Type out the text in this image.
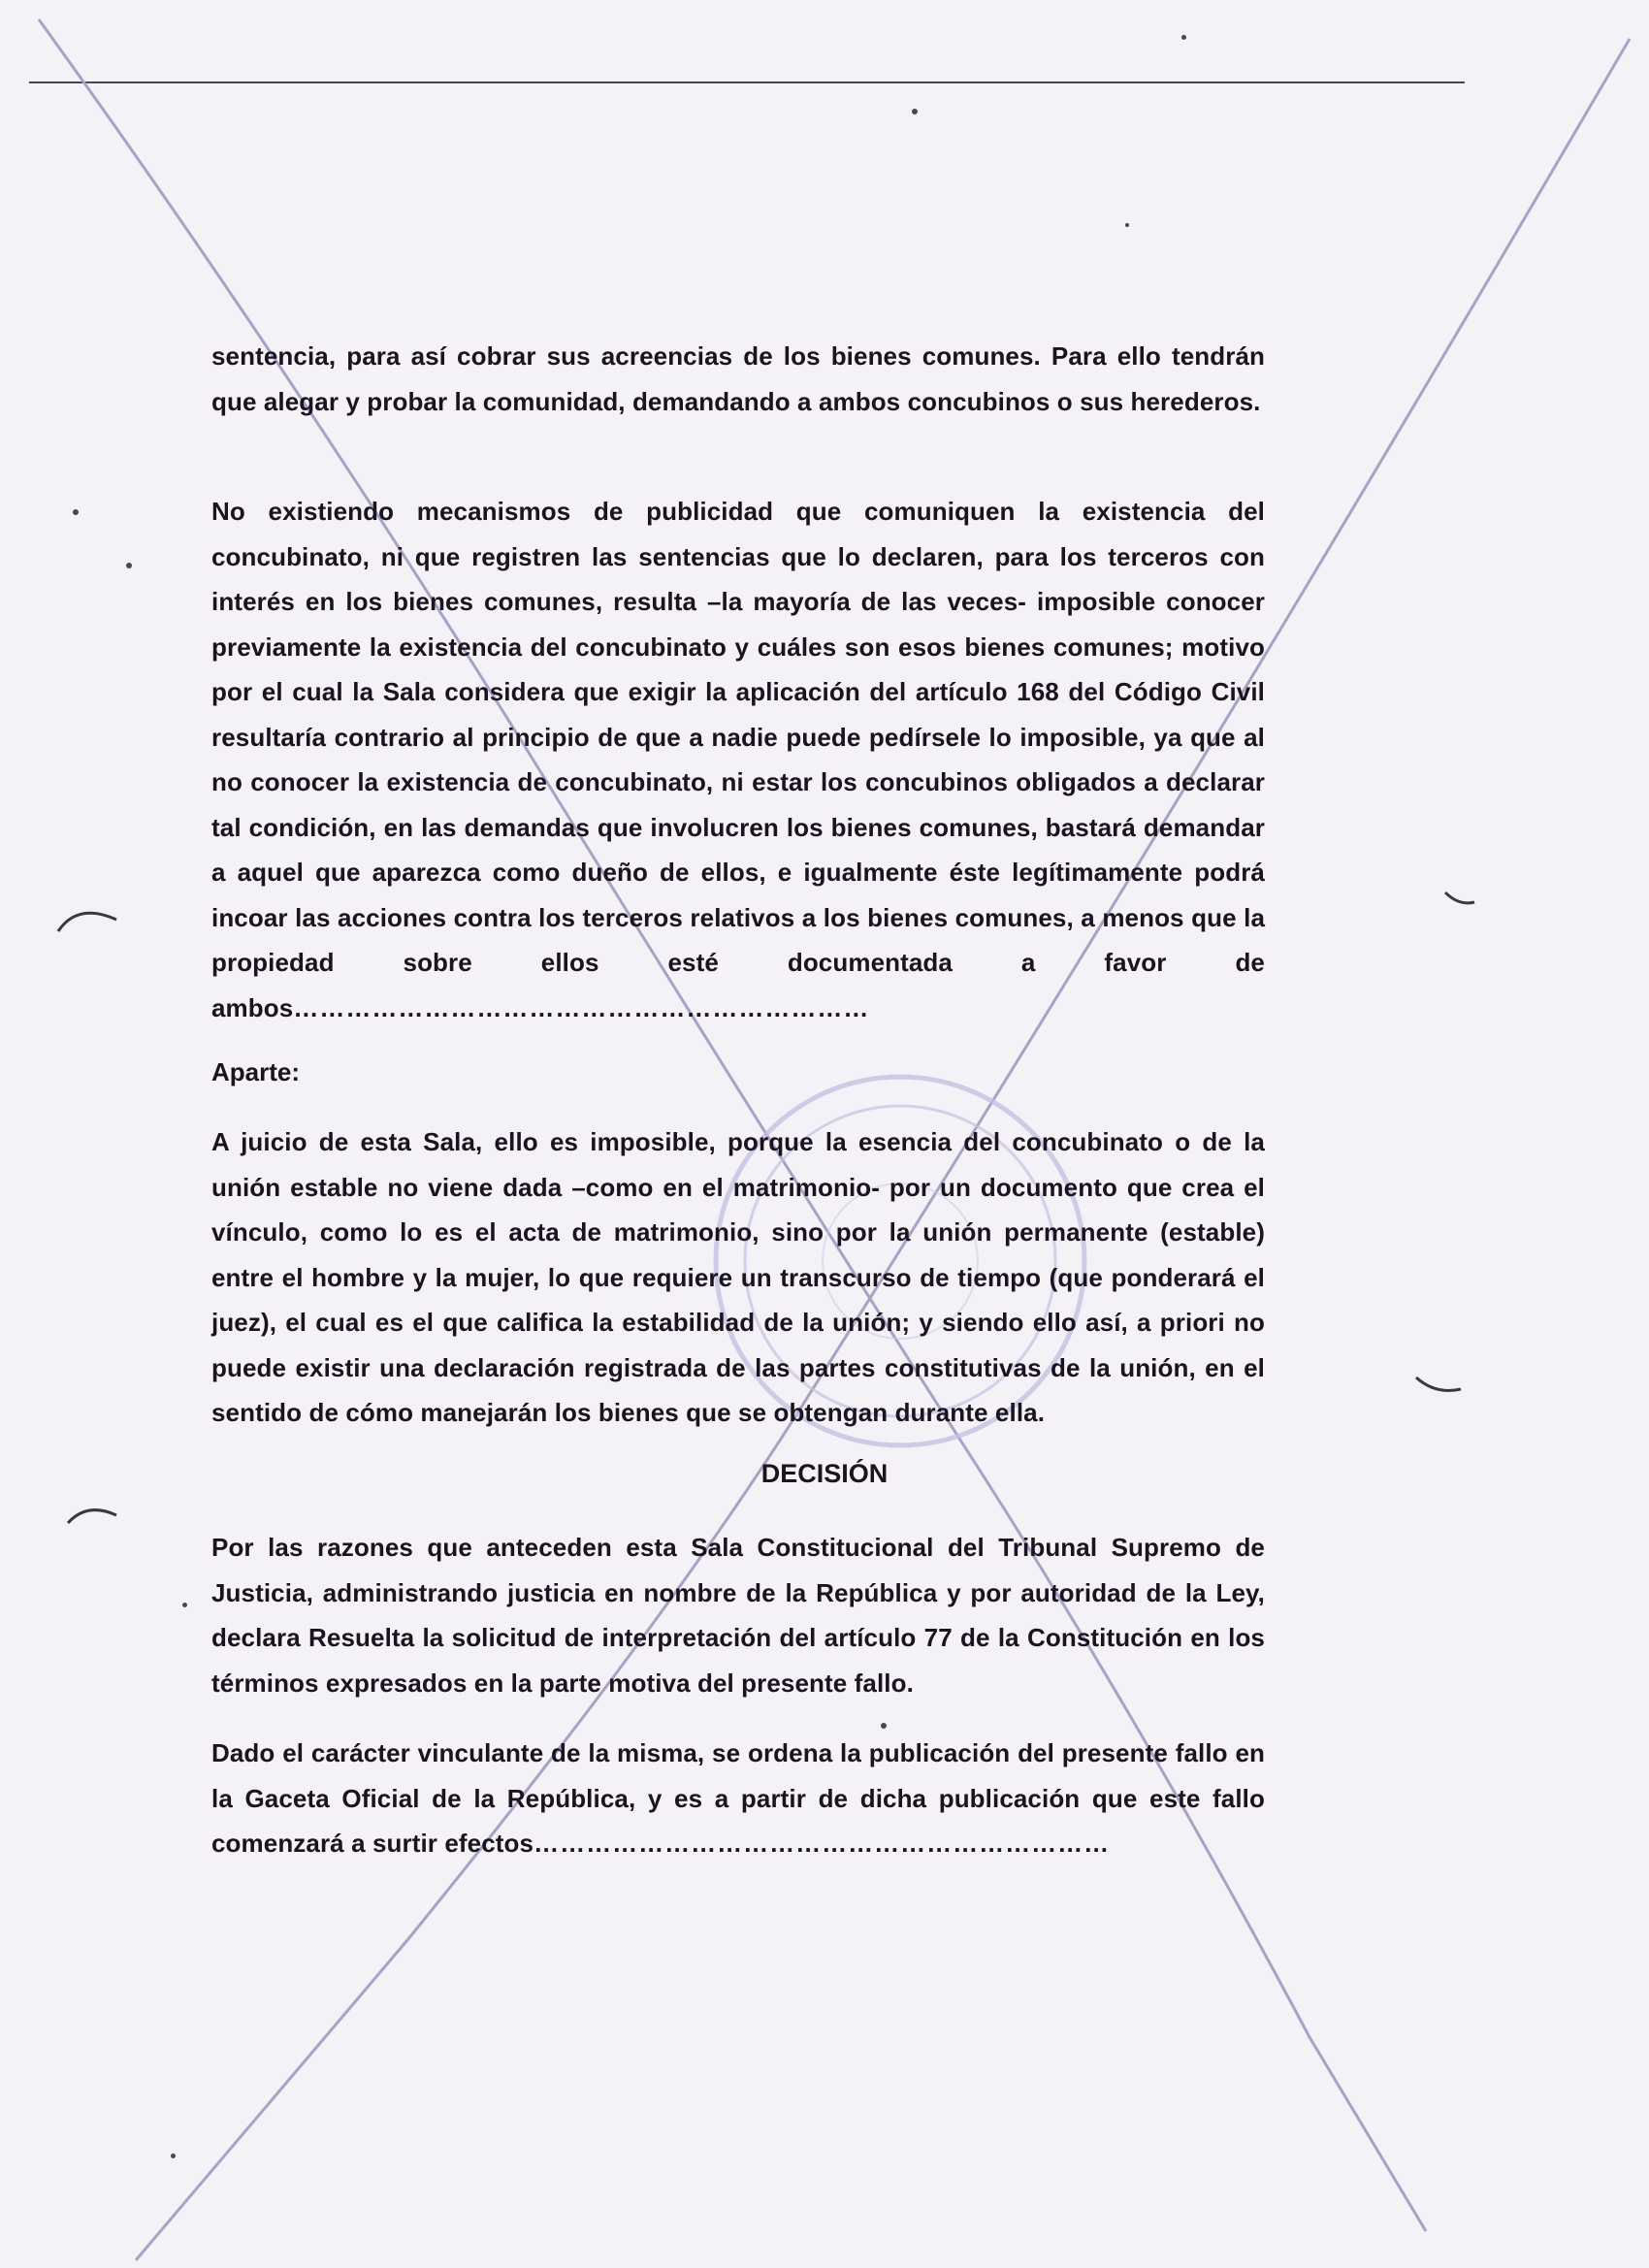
sentencia, para así cobrar sus acreencias de los bienes comunes. Para ello tendrán que alegar y probar la comunidad, demandando a ambos concubinos o sus herederos.

No existiendo mecanismos de publicidad que comuniquen la existencia del concubinato, ni que registren las sentencias que lo declaren, para los terceros con interés en los bienes comunes, resulta –la mayoría de las veces- imposible conocer previamente la existencia del concubinato y cuáles son esos bienes comunes; motivo por el cual la Sala considera que exigir la aplicación del artículo 168 del Código Civil resultaría contrario al principio de que a nadie puede pedírsele lo imposible, ya que al no conocer la existencia de concubinato, ni estar los concubinos obligados a declarar tal condición, en las demandas que involucren los bienes comunes, bastará demandar a aquel que aparezca como dueño de ellos, e igualmente éste legítimamente podrá incoar las acciones contra los terceros relativos a los bienes comunes, a menos que la propiedad sobre ellos esté documentada a favor de ambos…………………………………………………………

Aparte:

A juicio de esta Sala, ello es imposible, porque la esencia del concubinato o de la unión estable no viene dada –como en el matrimonio- por un documento que crea el vínculo, como lo es el acta de matrimonio, sino por la unión permanente (estable) entre el hombre y la mujer, lo que requiere un transcurso de tiempo (que ponderará el juez), el cual es el que califica la estabilidad de la unión; y siendo ello así, a priori no puede existir una declaración registrada de las partes constitutivas de la unión, en el sentido de cómo manejarán los bienes que se obtengan durante ella.

DECISIÓN

Por las razones que anteceden esta Sala Constitucional del Tribunal Supremo de Justicia, administrando justicia en nombre de la República y por autoridad de la Ley, declara Resuelta la solicitud de interpretación del artículo 77 de la Constitución en los términos expresados en la parte motiva del presente fallo.

Dado el carácter vinculante de la misma, se ordena la publicación del presente fallo en la Gaceta Oficial de la República, y es a partir de dicha publicación que este fallo comenzará a surtir efectos…………………………………………………………
